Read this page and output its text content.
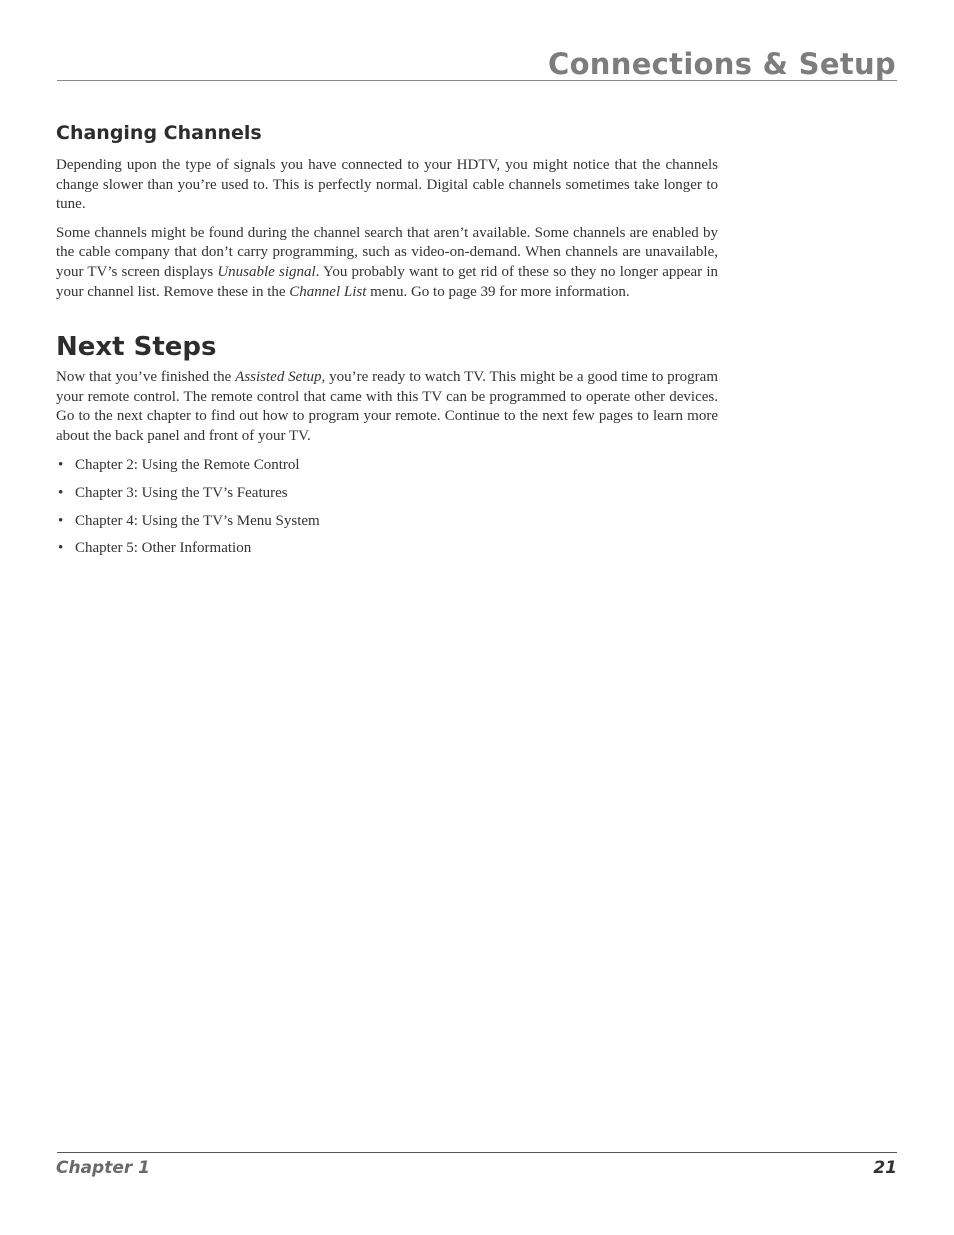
Connections & Setup
Changing Channels

Depending upon the type of signals you have connected to your HDTV, you might notice that the channels change slower than you’re used to. This is perfectly normal. Digital cable channels sometimes take longer to tune.

Some channels might be found during the channel search that aren’t available. Some channels are enabled by the cable company that don’t carry programming, such as video-on-demand. When channels are unavailable, your TV’s screen displays Unusable signal. You probably want to get rid of these so they no longer appear in your channel list. Remove these in the Channel List menu. Go to page 39 for more information.

Next Steps

Now that you’ve finished the Assisted Setup, you’re ready to watch TV. This might be a good time to program your remote control. The remote control that came with this TV can be programmed to operate other devices. Go to the next chapter to find out how to program your remote. Continue to the next few pages to learn more about the back panel and front of your TV.

• Chapter 2: Using the Remote Control
• Chapter 3: Using the TV’s Features
• Chapter 4: Using the TV’s Menu System
• Chapter 5: Other Information
Chapter 1	21
